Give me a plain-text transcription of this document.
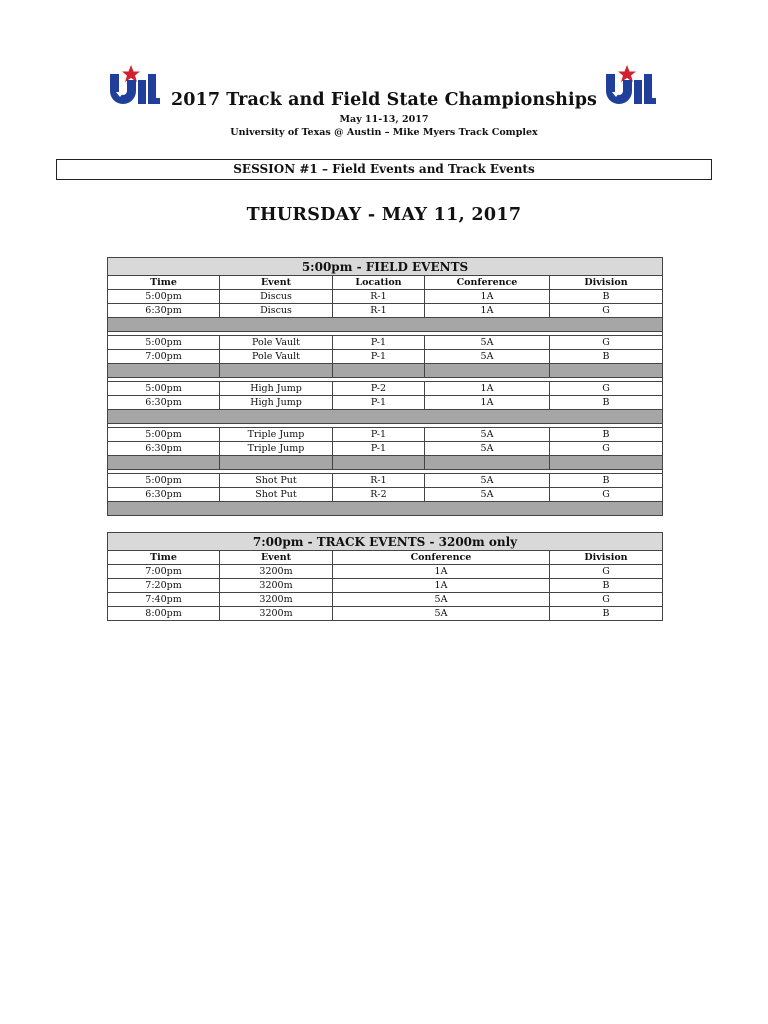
2017 Track and Field State Championships
May 11-13, 2017
University of Texas @ Austin – Mike Myers Track Complex
SESSION #1 – Field Events and Track Events
THURSDAY - MAY 11, 2017
5:00pm - FIELD EVENTS				
Time	Event	Location	Conference	Division
5:00pm	Discus	R-1	1A	B
6:30pm	Discus	R-1	1A	G

5:00pm	Pole Vault	P-1	5A	G
7:00pm	Pole Vault	P-1	5A	B

5:00pm	High Jump	P-2	1A	G
6:30pm	High Jump	P-1	1A	B

5:00pm	Triple Jump	P-1	5A	B
6:30pm	Triple Jump	P-1	5A	G

5:00pm	Shot Put	R-1	5A	B
6:30pm	Shot Put	R-2	5A	G

7:00pm - TRACK EVENTS - 3200m only			
Time	Event	Conference	Division
7:00pm	3200m	1A	G
7:20pm	3200m	1A	B
7:40pm	3200m	5A	G
8:00pm	3200m	5A	B
